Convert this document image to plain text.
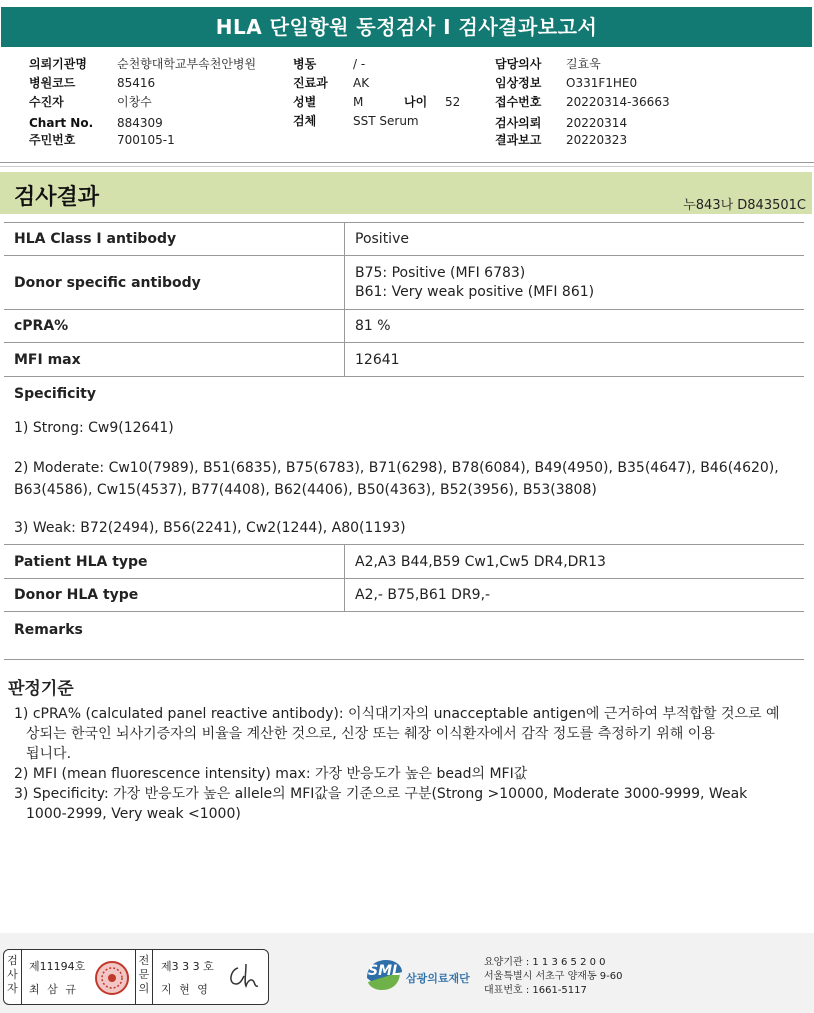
HLA 단일항원 동정검사 I 검사결과보고서
의뢰기관명	순천향대학교부속천안병원
병원코드	85416
수진자	이창수
Chart No. 884309
주민번호	700105-1
병동	/ -
진료과 AK
성별	M	나이 52
검체	SST Serum
담당의사 길효욱
임상정보 O331F1HE0
접수번호 20220314-36663
검사의뢰 20220314
결과보고 20220323
검사결과	누843나 D843501C
HLA Class I antibody	Positive
Donor specific antibody	B75: Positive (MFI 6783)
B61: Very weak positive (MFI 861)

cPRA%	81 %
MFI max	12641
Specificity
1) Strong: Cw9(12641)
2) Moderate: Cw10(7989), B51(6835), B75(6783), B71(6298), B78(6084), B49(4950), B35(4647), B46(4620),
B63(4586), Cw15(4537), B77(4408), B62(4406), B50(4363), B52(3956), B53(3808)
3) Weak: B72(2494), B56(2241), Cw2(1244), A80(1193)
Patient HLA type	A2,A3 B44,B59 Cw1,Cw5 DR4,DR13
Donor HLA type	A2,- B75,B61 DR9,-
Remarks
판정기준
1) cPRA% (calculated panel reactive antibody): 이식대기자의 unacceptable antigen에 근거하여 부적합할 것으로 예
상되는 한국인 뇌사기증자의 비율을 계산한 것으로, 신장 또는 췌장 이식환자에서 감작 정도를 측정하기 위해 이용
됩니다.
2) MFI (mean fluorescence intensity) max: 가장 반응도가 높은 bead의 MFI값
3) Specificity: 가장 반응도가 높은 allele의 MFI값을 기준으로 구분(Strong >10000, Moderate 3000-9999, Weak
1000-2999, Very weak <1000)
검
사
자
제11194호
최 삼 규
전
문
의
제3 3 3 호
지 현 영
SML 삼광의료재단
요양기관 : 1 1 3 6 5 2 0 0
서울특별시 서초구 양재동 9-60
대표번호 : 1661-5117
